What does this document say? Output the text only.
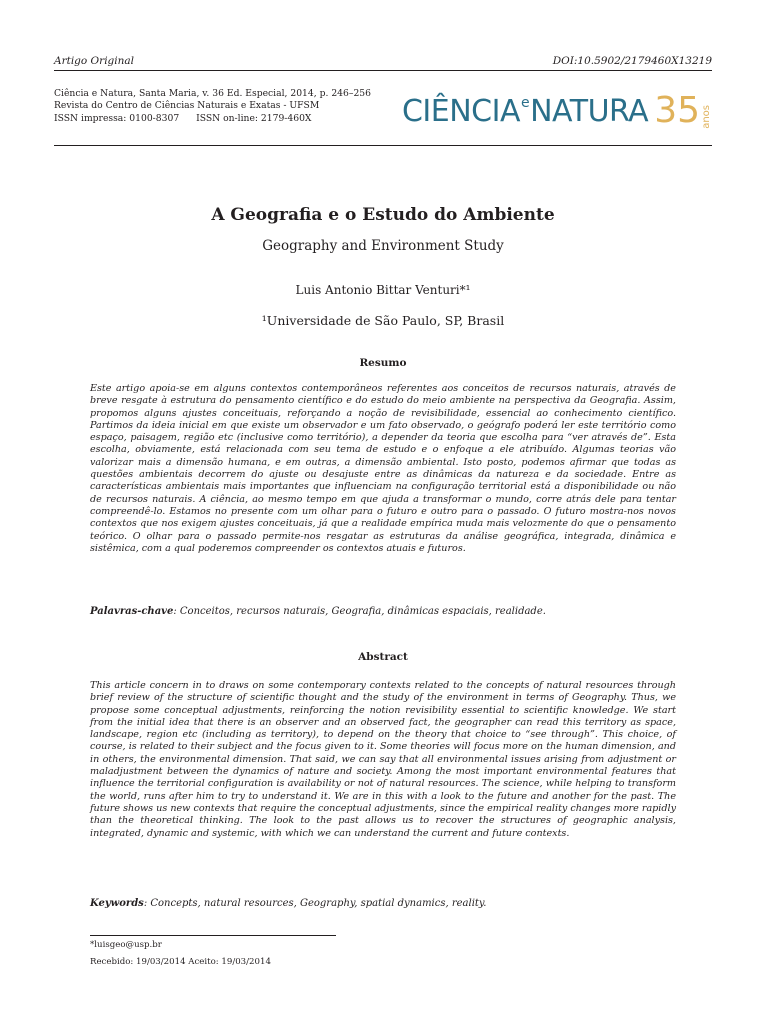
Artigo Original	DOI:10.5902/2179460X13219
Ciência e Natura, Santa Maria, v. 36 Ed. Especial, 2014, p. 246–256
Revista do Centro de Ciências Naturais e Exatas - UFSM
ISSN impressa: 0100-8307 ISSN on-line: 2179-460X	CIÊNCIA$^e$NATURA 35 anos
A Geografia e o Estudo do Ambiente
Geography and Environment Study
Luis Antonio Bittar Venturi*¹
¹Universidade de São Paulo, SP, Brasil
Resumo
Este artigo apoia-se em alguns contextos contemporâneos referentes aos conceitos de recursos naturais, através de breve resgate à estrutura do pensamento científico e do estudo do meio ambiente na perspectiva da Geografia. Assim, propomos alguns ajustes conceituais, reforçando a noção de revisibilidade, essencial ao conhecimento científico. Partimos da ideia inicial em que existe um observador e um fato observado, o geógrafo poderá ler este território como espaço, paisagem, região etc (inclusive como território), a depender da teoria que escolha para “ver através de”. Esta escolha, obviamente, está relacionada com seu tema de estudo e o enfoque a ele atribuído. Algumas teorias vão valorizar mais a dimensão humana, e em outras, a dimensão ambiental. Isto posto, podemos afirmar que todas as questões ambientais decorrem do ajuste ou desajuste entre as dinâmicas da natureza e da sociedade. Entre as características ambientais mais importantes que influenciam na configuração territorial está a disponibilidade ou não de recursos naturais. A ciência, ao mesmo tempo em que ajuda a transformar o mundo, corre atrás dele para tentar compreendê-lo. Estamos no presente com um olhar para o futuro e outro para o passado. O futuro mostra-nos novos contextos que nos exigem ajustes conceituais, já que a realidade empírica muda mais velozmente do que o pensamento teórico. O olhar para o passado permite-nos resgatar as estruturas da análise geográfica, integrada, dinâmica e sistêmica, com a qual poderemos compreender os contextos atuais e futuros.
Palavras-chave: Conceitos, recursos naturais, Geografia, dinâmicas espaciais, realidade.
Abstract
This article concern in to draws on some contemporary contexts related to the concepts of natural resources through brief review of the structure of scientific thought and the study of the environment in terms of Geography. Thus, we propose some conceptual adjustments, reinforcing the notion revisibility essential to scientific knowledge. We start from the initial idea that there is an observer and an observed fact, the geographer can read this territory as space, landscape, region etc (including as territory), to depend on the theory that choice to “see through”. This choice, of course, is related to their subject and the focus given to it. Some theories will focus more on the human dimension, and in others, the environmental dimension. That said, we can say that all environmental issues arising from adjustment or maladjustment between the dynamics of nature and society. Among the most important environmental features that influence the territorial configuration is availability or not of natural resources. The science, while helping to transform the world, runs after him to try to understand it. We are in this with a look to the future and another for the past. The future shows us new contexts that require the conceptual adjustments, since the empirical reality changes more rapidly than the theoretical thinking. The look to the past allows us to recover the structures of geographic analysis, integrated, dynamic and systemic, with which we can understand the current and future contexts.
Keywords: Concepts, natural resources, Geography, spatial dynamics, reality.
*luisgeo@usp.br
Recebido: 19/03/2014 Aceito: 19/03/2014
